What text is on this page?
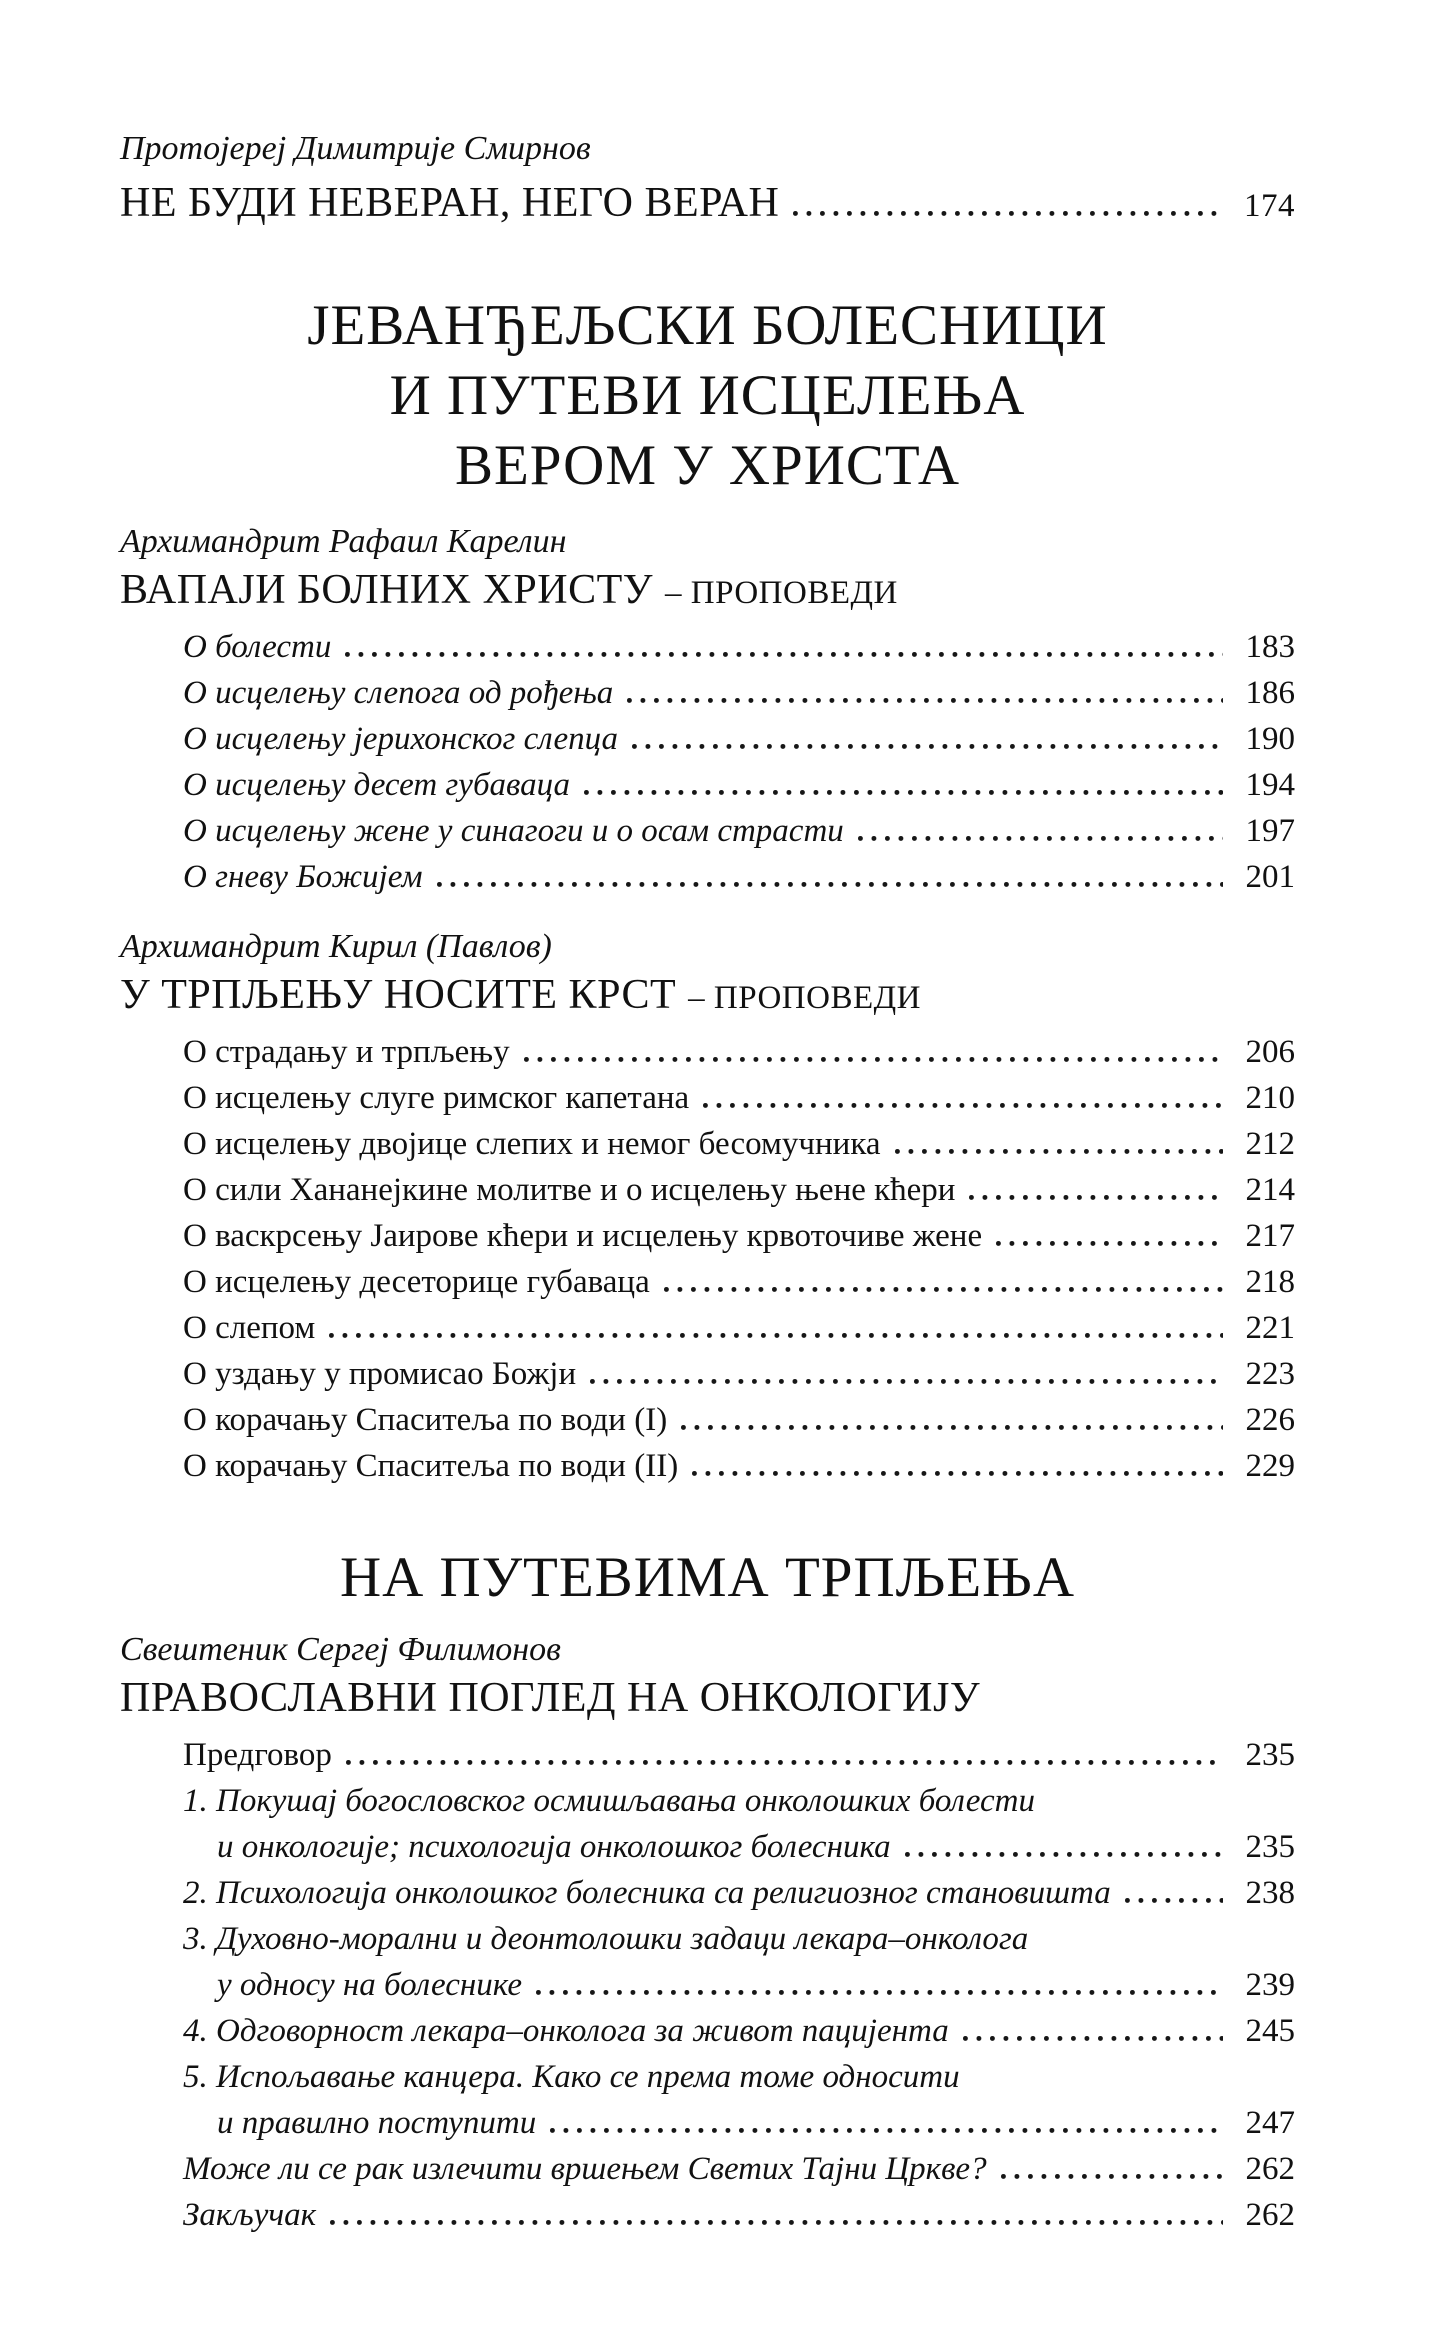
Протојереј Димитрије Смирнов
НЕ БУДИ НЕВЕРАН, НЕГО ВЕРАН	174
ЈЕВАНЂЕЉСКИ БОЛЕСНИЦИ
И ПУТЕВИ ИСЦЕЛЕЊА
ВЕРОМ У ХРИСТА
Архимандрит Рафаил Карелин
ВАПАЈИ БОЛНИХ ХРИСТУ – ПРОПОВЕДИ
О болести	183
О исцелењу слепога од рођења	186
О исцелењу јерихонског слепца	190
О исцелењу десет губаваца	194
О исцелењу жене у синагоги и о осам страсти	197
О гневу Божијем	201
Архимандрит Кирил (Павлов)
У ТРПЉЕЊУ НОСИТЕ КРСТ – ПРОПОВЕДИ
О страдању и трпљењу	206
О исцелењу слуге римског капетана	210
О исцелењу двојице слепих и немог бесомучника	212
О сили Хананејкине молитве и о исцелењу њене кћери	214
О васкрсењу Јаирове кћери и исцелењу крвоточиве жене	217
О исцелењу десеторице губаваца	218
О слепом	221
О уздању у промисао Божји	223
О корачању Спаситеља по води (I)	226
О корачању Спаситеља по води (II)	229
НА ПУТЕВИМА ТРПЉЕЊА
Свештеник Сергеј Филимонов
ПРАВОСЛАВНИ ПОГЛЕД НА ОНКОЛОГИЈУ
Предговор	235
1. Покушај богословског осмишљавања онколошких болести
и онкологије; психологија онколошког болесника	235
2. Психологија онколошког болесника са религиозног становишта	238
3. Духовно-морални и деонтолошки задаци лекара–онколога
у односу на болеснике	239
4. Одговорност лекара–онколога за живот пацијента	245
5. Испољавање канцера. Како се према томе односити
и правилно поступити	247
Може ли се рак излечити вршењем Светих Тајни Цркве?	262
Закључак	262
